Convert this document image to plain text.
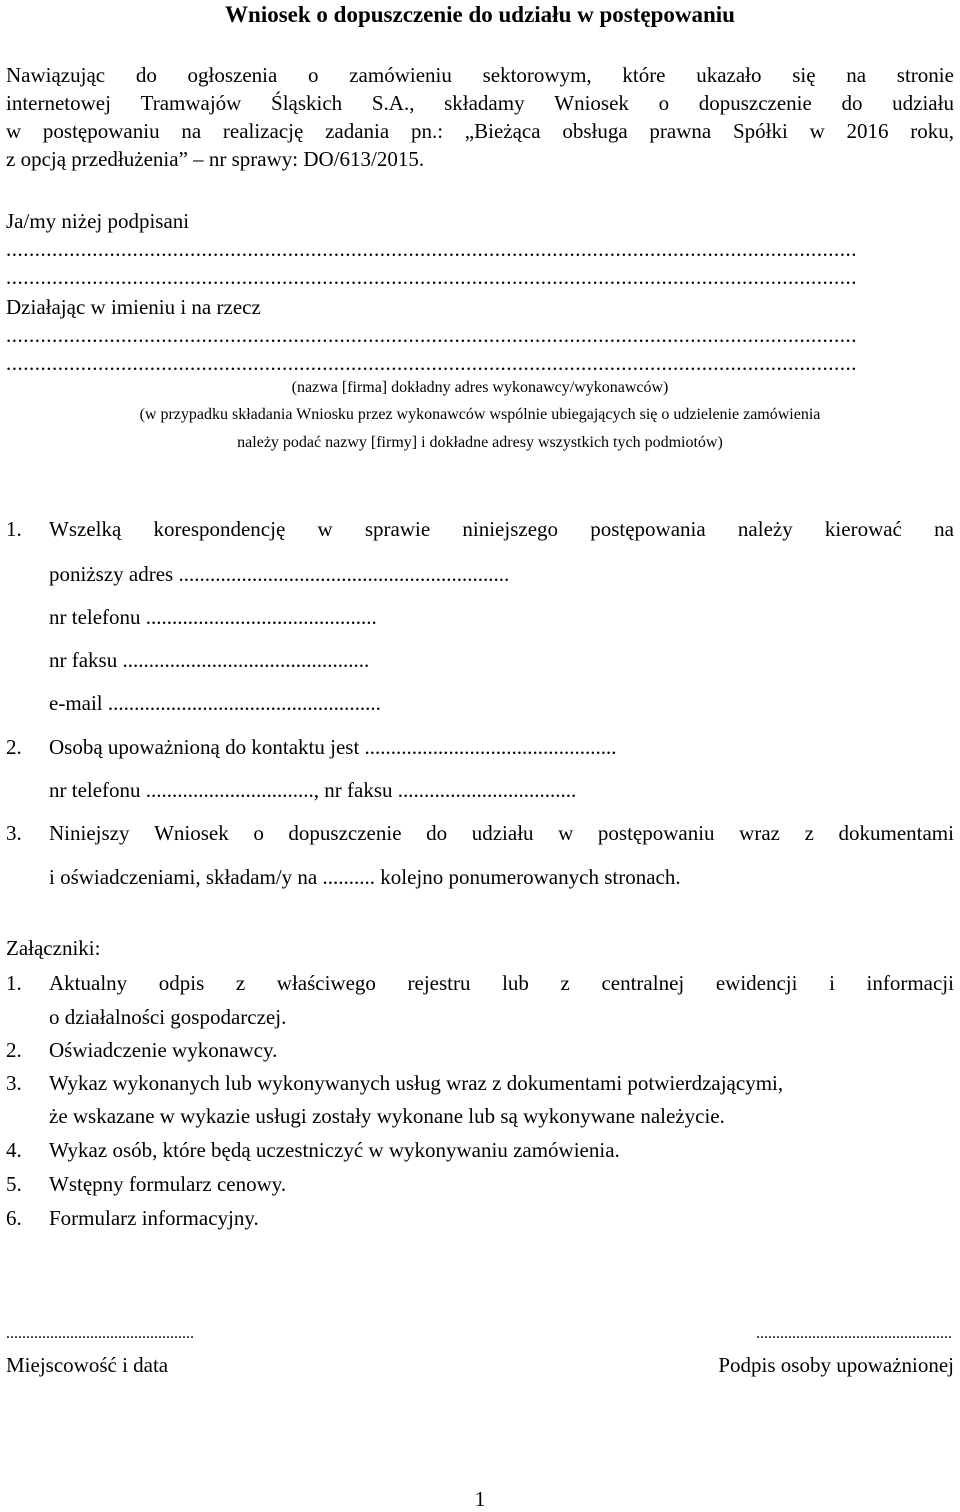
Wniosek o dopuszczenie do udziału w postępowaniu
Nawiązując do ogłoszenia o zamówieniu sektorowym, które ukazało się na stronie
internetowej Tramwajów Śląskich S.A., składamy Wniosek o dopuszczenie do udziału
w postępowaniu na realizację zadania pn.: „Bieżąca obsługa prawna Spółki w 2016 roku,
z opcją przedłużenia” – nr sprawy: DO/613/2015.
Ja/my niżej podpisani
....................................................................................................................................................
....................................................................................................................................................
Działając w imieniu i na rzecz
....................................................................................................................................................
....................................................................................................................................................
(nazwa [firma] dokładny adres wykonawcy/wykonawców)
(w przypadku składania Wniosku przez wykonawców wspólnie ubiegających się o udzielenie zamówienia
należy podać nazwy [firmy] i dokładne adresy wszystkich tych podmiotów)
1. Wszelką korespondencję w sprawie niniejszego postępowania należy kierować na
poniższy adres ...............................................................
nr telefonu ............................................
nr faksu ...............................................
e-mail ....................................................
2. Osobą upoważnioną do kontaktu jest ................................................
nr telefonu ................................, nr faksu ..................................
3. Niniejszy Wniosek o dopuszczenie do udziału w postępowaniu wraz z dokumentami
i oświadczeniami, składam/y na .......... kolejno ponumerowanych stronach.
Załączniki:
1. Aktualny odpis z właściwego rejestru lub z centralnej ewidencji i informacji
o działalności gospodarczej.
2. Oświadczenie wykonawcy.
3. Wykaz wykonanych lub wykonywanych usług wraz z dokumentami potwierdzającymi,
że wskazane w wykazie usługi zostały wykonane lub są wykonywane należycie.
4. Wykaz osób, które będą uczestniczyć w wykonywaniu zamówienia.
5. Wstępny formularz cenowy.
6. Formularz informacyjny.
...............................................
Miejscowość i data
.................................................
Podpis osoby upoważnionej
1
